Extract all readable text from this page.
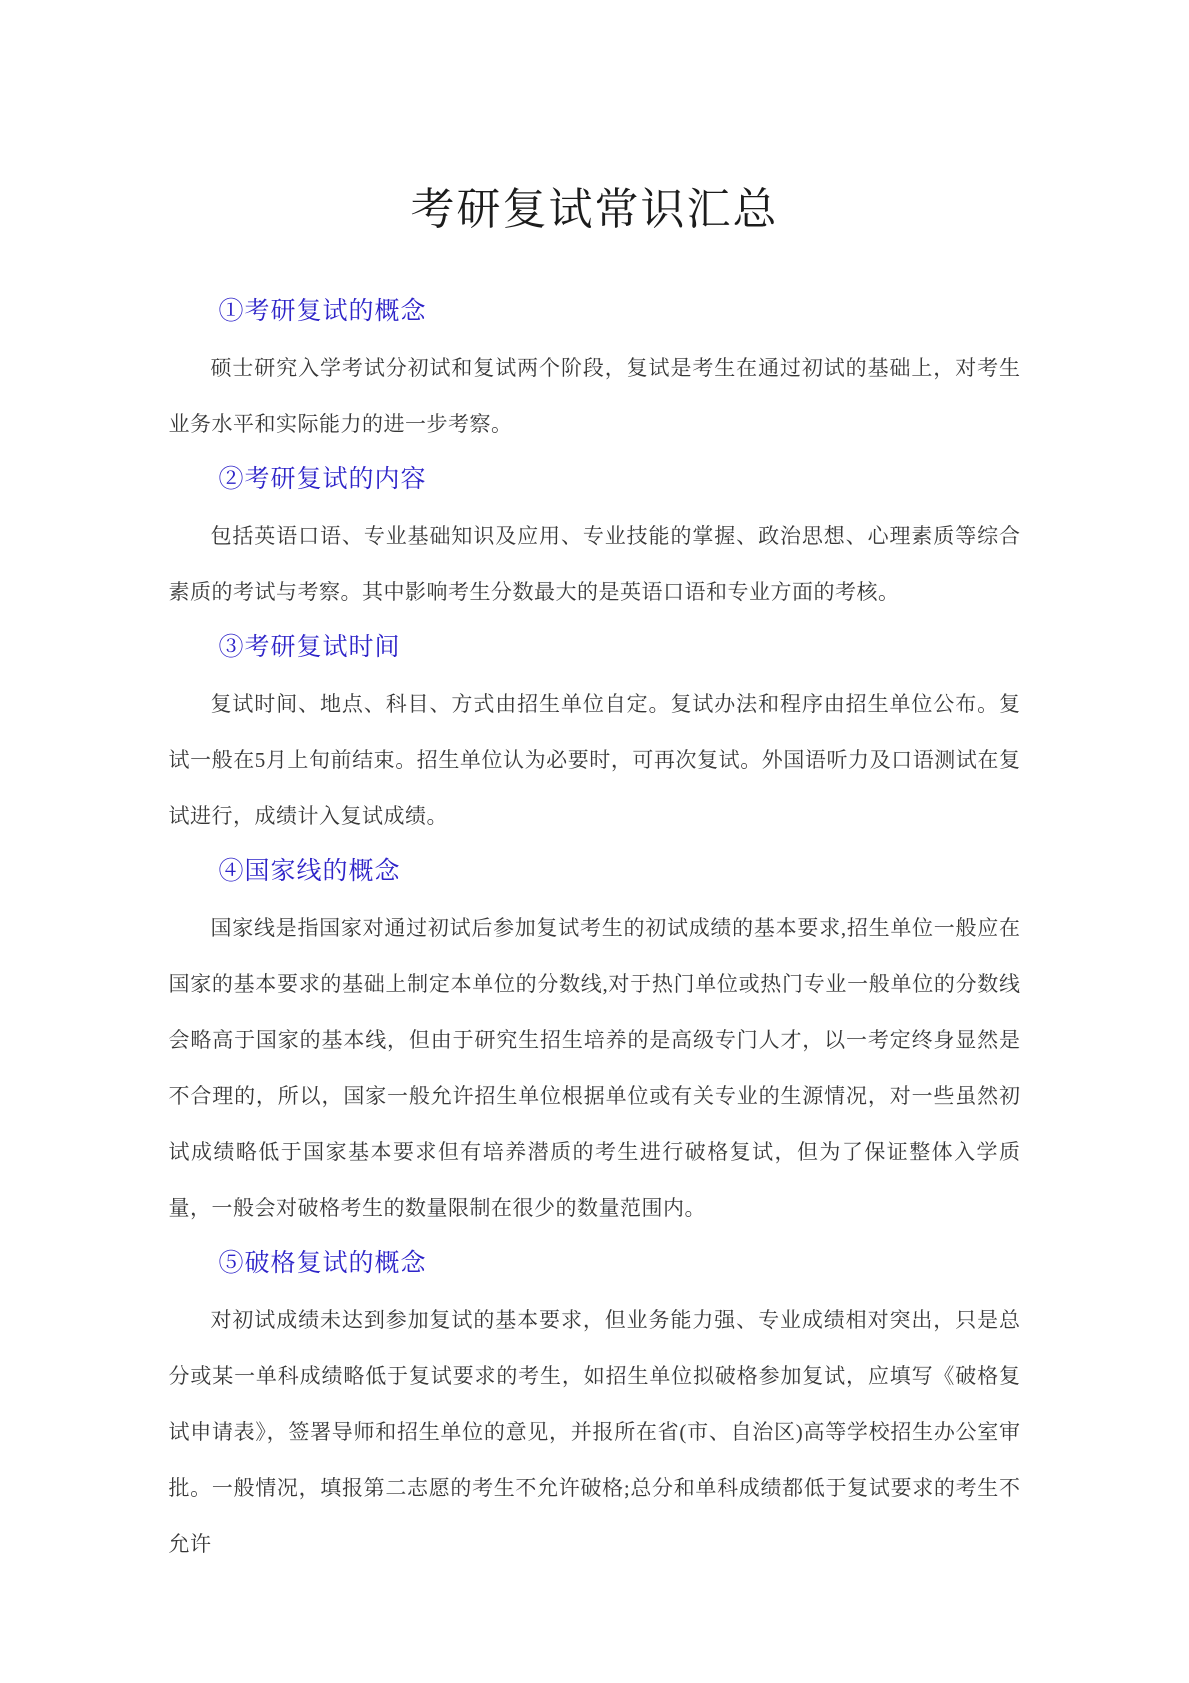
考研复试常识汇总
①考研复试的概念

硕士研究入学考试分初试和复试两个阶段，复试是考生在通过初试的基础上，对考生业务水平和实际能力的进一步考察。

②考研复试的内容

包括英语口语、专业基础知识及应用、专业技能的掌握、政治思想、心理素质等综合素质的考试与考察。其中影响考生分数最大的是英语口语和专业方面的考核。

③考研复试时间

复试时间、地点、科目、方式由招生单位自定。复试办法和程序由招生单位公布。复试一般在5月上旬前结束。招生单位认为必要时，可再次复试。外国语听力及口语测试在复试进行，成绩计入复试成绩。

④国家线的概念

国家线是指国家对通过初试后参加复试考生的初试成绩的基本要求,招生单位一般应在国家的基本要求的基础上制定本单位的分数线,对于热门单位或热门专业一般单位的分数线会略高于国家的基本线，但由于研究生招生培养的是高级专门人才，以一考定终身显然是不合理的，所以，国家一般允许招生单位根据单位或有关专业的生源情况，对一些虽然初试成绩略低于国家基本要求但有培养潜质的考生进行破格复试，但为了保证整体入学质量，一般会对破格考生的数量限制在很少的数量范围内。

⑤破格复试的概念

对初试成绩未达到参加复试的基本要求，但业务能力强、专业成绩相对突出，只是总分或某一单科成绩略低于复试要求的考生，如招生单位拟破格参加复试，应填写《破格复试申请表》，签署导师和招生单位的意见，并报所在省(市、自治区)高等学校招生办公室审批。一般情况，填报第二志愿的考生不允许破格;总分和单科成绩都低于复试要求的考生不允许
